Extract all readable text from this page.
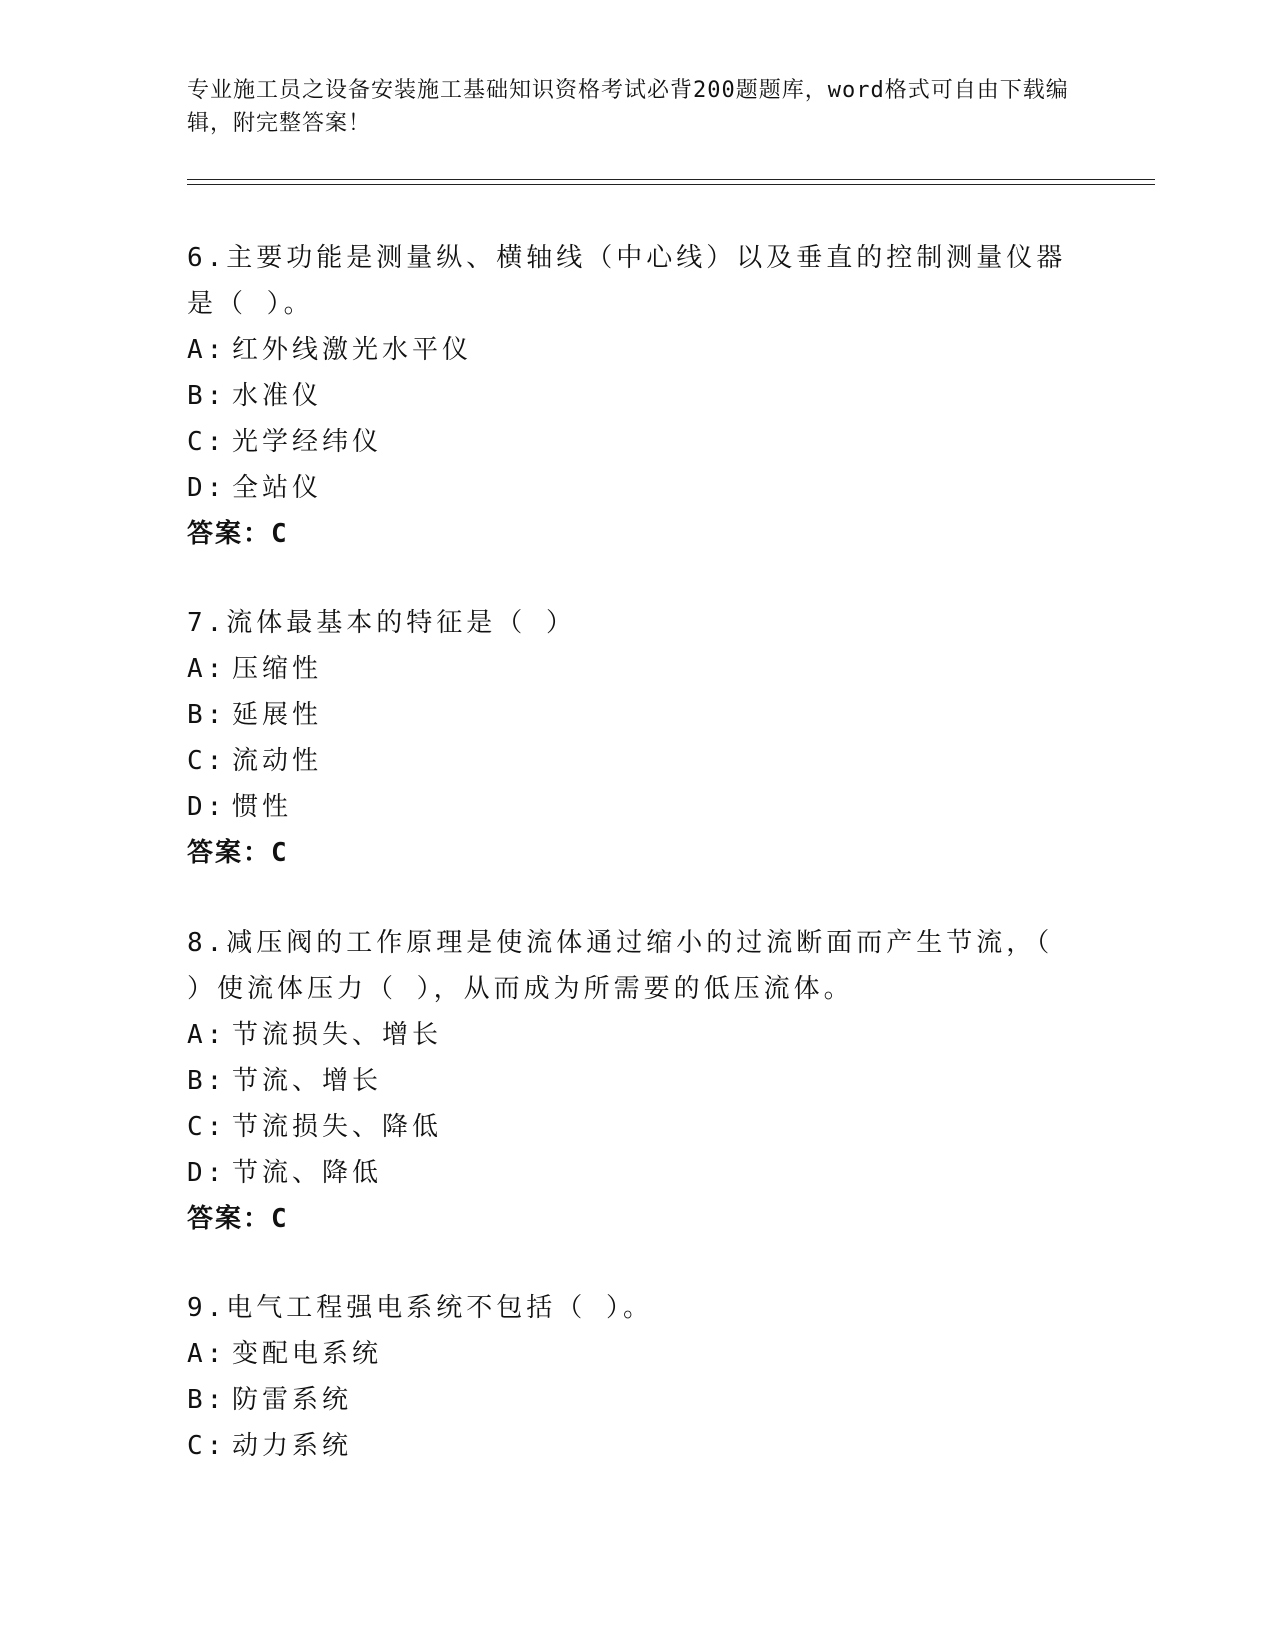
专业施工员之设备安装施工基础知识资格考试必背200题题库，word格式可自由下载编辑，附完整答案！
6.主要功能是测量纵、横轴线（中心线）以及垂直的控制测量仪器是（ ）。
A: 红外线激光水平仪
B: 水准仪
C: 光学经纬仪
D: 全站仪
答案：C
7.流体最基本的特征是（ ）
A: 压缩性
B: 延展性
C: 流动性
D: 惯性
答案：C
8.减压阀的工作原理是使流体通过缩小的过流断面而产生节流，（ ）使流体压力（ ），从而成为所需要的低压流体。
A: 节流损失、增长
B: 节流、增长
C: 节流损失、降低
D: 节流、降低
答案：C
9.电气工程强电系统不包括（ ）。
A: 变配电系统
B: 防雷系统
C: 动力系统
